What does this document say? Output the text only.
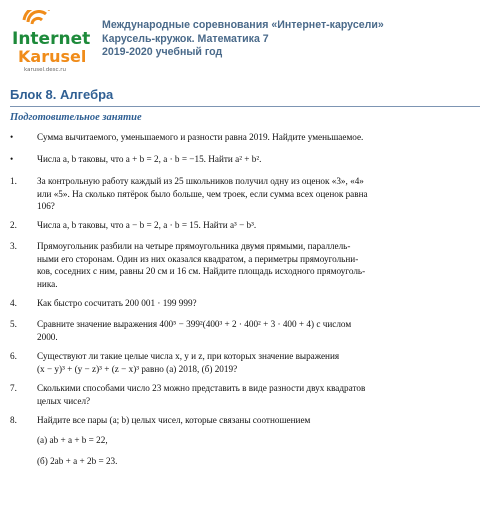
Internet
Karusel
karusel.desc.ru
Международные соревнования «Интернет-карусели»
Карусель-кружок. Математика 7
2019-2020 учебный год
Блок 8. Алгебра
Подготовительное занятие
•	Сумма вычитаемого, уменьшаемого и разности равна 2019. Найдите уменьшаемое.
•	Числа a, b таковы, что a + b = 2, a · b = −15. Найти a² + b².
1.	За контрольную работу каждый из 25 школьников получил одну из оценок «3», «4»
или «5». На сколько пятёрок было больше, чем троек, если сумма всех оценок равна
106?
2.	Числа a, b таковы, что a − b = 2, a · b = 15. Найти a³ − b³.
3.	Прямоугольник разбили на четыре прямоугольника двумя прямыми, параллель-
ными его сторонам. Один из них оказался квадратом, а периметры прямоугольни-
ков, соседних с ним, равны 20 см и 16 см. Найдите площадь исходного прямоуголь-
ника.
4.	Как быстро сосчитать 200 001 · 199 999?
5.	Сравните значение выражения 400⁵ − 399²(400³ + 2 · 400² + 3 · 400 + 4) с числом
2000.
6.	Существуют ли такие целые числа x, y и z, при которых значение выражения
(x − y)³ + (y − z)³ + (z − x)³ равно (а) 2018, (б) 2019?
7.	Сколькими способами число 23 можно представить в виде разности двух квадратов
целых чисел?
8.	Найдите все пары (a; b) целых чисел, которые связаны соотношением
(а) ab + a + b = 22,
(б) 2ab + a + 2b = 23.
